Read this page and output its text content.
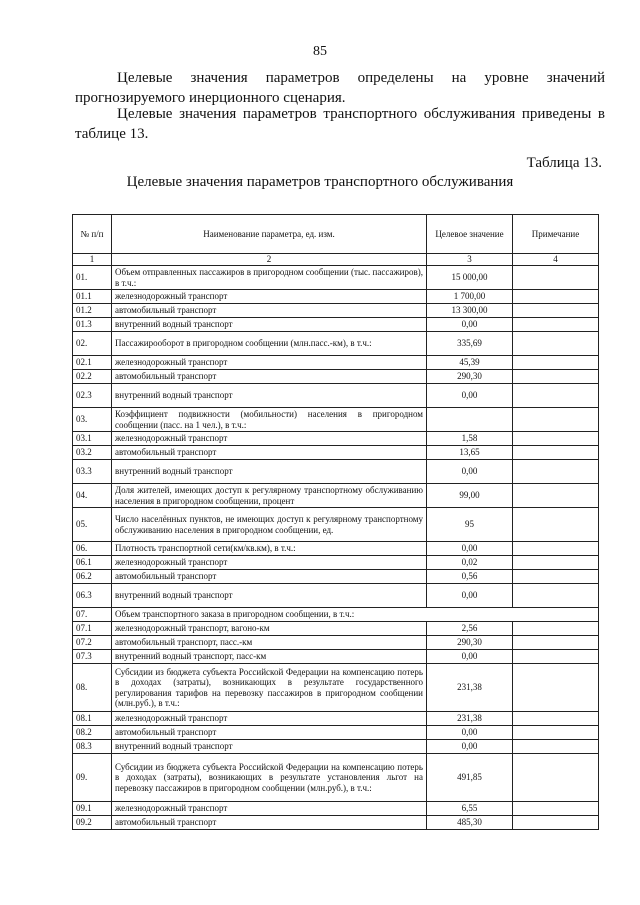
85
Целевые значения параметров определены на уровне значений
прогнозируемого инерционного сценария.
Целевые значения параметров транспортного обслуживания приведены в таблице 13.
Таблица 13.
Целевые значения параметров транспортного обслуживания
№ п/п	Наименование параметра, ед. изм.	Целевое значение	Примечание
1	2	3	4
01.	Объем отправленных пассажиров в пригородном сообщении (тыс. пассажиров), в т.ч.:	15 000,00	
01.1	железнодорожный транспорт	1 700,00	
01.2	автомобильный транспорт	13 300,00	
01.3	внутренний водный транспорт	0,00	
02.	Пассажирооборот в пригородном сообщении (млн.пасс.-км), в т.ч.:	335,69	
02.1	железнодорожный транспорт	45,39	
02.2	автомобильный транспорт	290,30	
02.3	внутренний водный транспорт	0,00	
03.	Коэффициент подвижности (мобильности) населения в пригородном сообщении (пасс. на 1 чел.), в т.ч.:		
03.1	железнодорожный транспорт	1,58	
03.2	автомобильный транспорт	13,65	
03.3	внутренний водный транспорт	0,00	
04.	Доля жителей, имеющих доступ к регулярному транспортному обслуживанию населения в пригородном сообщении, процент	99,00	
05.	Число населённых пунктов, не имеющих доступ к регулярному транспортному обслуживанию населения в пригородном сообщении, ед.	95	
06.	Плотность транспортной сети(км/кв.км), в т.ч.:	0,00	
06.1	железнодорожный транспорт	0,02	
06.2	автомобильный транспорт	0,56	
06.3	внутренний водный транспорт	0,00	
07.	Объем транспортного заказа в пригородном сообщении, в т.ч.:		
07.1	железнодорожный транспорт, вагоно-км	2,56	
07.2	автомобильный транспорт, пасс.-км	290,30	
07.3	внутренний водный транспорт, пасс-км	0,00	
08.	Субсидии из бюджета субъекта Российской Федерации на компенсацию потерь в доходах (затраты), возникающих в результате государственного регулирования тарифов на перевозку пассажиров в пригородном сообщении (млн.руб.), в т.ч.:	231,38	
08.1	железнодорожный транспорт	231,38	
08.2	автомобильный транспорт	0,00	
08.3	внутренний водный транспорт	0,00	
09.	Субсидии из бюджета субъекта Российской Федерации на компенсацию потерь в доходах (затраты), возникающих в результате установления льгот на перевозку пассажиров в пригородном сообщении (млн.руб.), в т.ч.:	491,85	
09.1	железнодорожный транспорт	6,55	
09.2	автомобильный транспорт	485,30	
